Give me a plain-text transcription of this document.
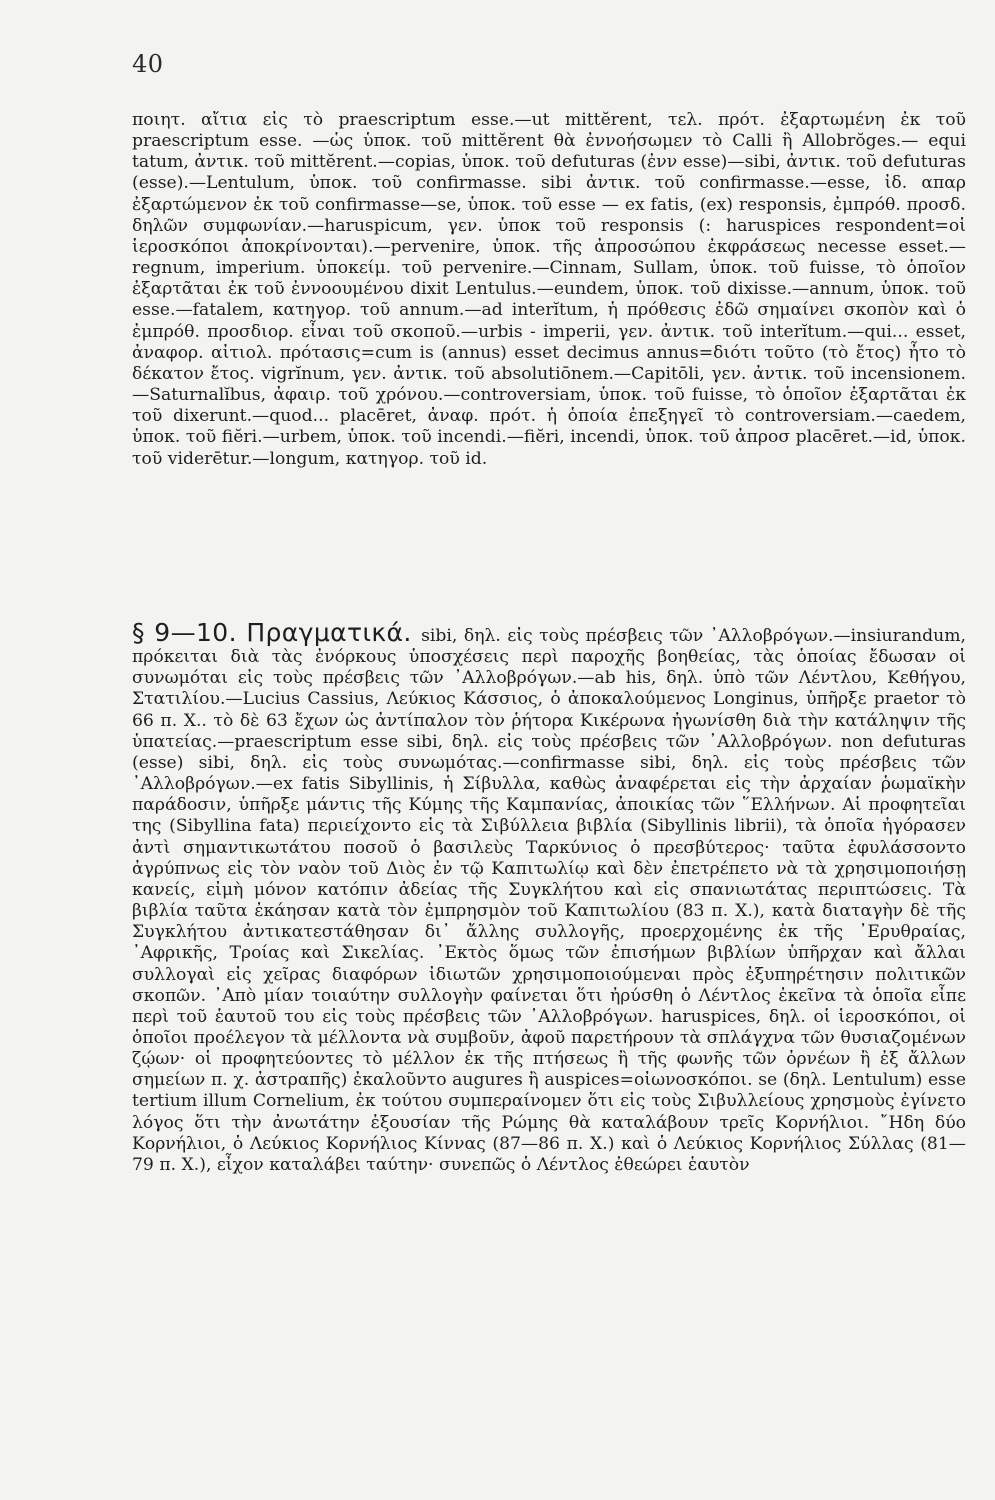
40
ποιητ. αἴτια εἰς τὸ praescriptum esse.—ut mittĕrent, τελ. πρότ. ἐξαρτωμένη ἐκ τοῦ praescriptum esse. —ὡς ὑποκ. τοῦ mittĕrent θὰ ἐννοήσωμεν τὸ Calli ἢ Allobrŏges.— equi tatum, ἀντικ. τοῦ mittĕrent.—copias, ὑποκ. τοῦ defuturas (ἐνν esse)—sibi, ἀντικ. τοῦ defuturas (esse).—Lentulum, ὑποκ. τοῦ confirmasse. sibi ἀντικ. τοῦ confirmasse.—esse, ἰδ. απαρ ἐξαρτώμενον ἐκ τοῦ confirmasse—se, ὑποκ. τοῦ esse — ex fatis, (ex) responsis, ἐμπρόθ. προσδ. δηλῶν συμφωνίαν.—haruspicum, γεν. ὑποκ τοῦ responsis (: haruspices respondent=οἱ ἱεροσκόποι ἀποκρίνονται).—pervenire, ὑποκ. τῆς ἀπροσώπου ἐκφράσεως necesse esset.—regnum, imperium. ὑποκείμ. τοῦ pervenire.—Cinnam, Sullam, ὑποκ. τοῦ fuisse, τὸ ὁποῖον ἐξαρτᾶται ἐκ τοῦ ἐννοουμένου dixit Lentulus.—eundem, ὑποκ. τοῦ dixisse.—annum, ὑποκ. τοῦ esse.—fatalem, κατηγορ. τοῦ annum.—ad interĭtum, ἡ πρόθεσις ἐδῶ σημαίνει σκοπὸν καὶ ὁ ἐμπρόθ. προσδιορ. εἶναι τοῦ σκοποῦ.—urbis - imperii, γεν. ἀντικ. τοῦ interĭtum.—qui... esset, ἀναφορ. αἰτιολ. πρότασις=cum is (annus) esset decimus annus=διότι τοῦτο (τὸ ἔτος) ἦτο τὸ δέκατον ἔτος. vigrĭnum, γεν. ἀντικ. τοῦ absolutiōnem.—Capitōli, γεν. ἀντικ. τοῦ incensionem.—Saturnalĭbus, ἀφαιρ. τοῦ χρόνου.—controversiam, ὑποκ. τοῦ fuisse, τὸ ὁποῖον ἐξαρτᾶται ἐκ τοῦ dixerunt.—quod... placēret, ἀναφ. πρότ. ἡ ὁποία ἐπεξηγεῖ τὸ controversiam.—caedem, ὑποκ. τοῦ fiĕri.—urbem, ὑποκ. τοῦ incendi.—fiĕri, incendi, ὑποκ. τοῦ ἀπροσ placēret.—id, ὑποκ. τοῦ viderētur.—longum, κατηγορ. τοῦ id.
§ 9—10. Πραγματικά. sibi, δηλ. εἰς τοὺς πρέσβεις τῶν ᾿Αλλοβρόγων.—insiurandum, πρόκειται διὰ τὰς ἐνόρκους ὑποσχέσεις περὶ παροχῆς βοηθείας, τὰς ὁποίας ἔδωσαν οἱ συνωμόται εἰς τοὺς πρέσβεις τῶν ᾿Αλλοβρόγων.—ab his, δηλ. ὑπὸ τῶν Λέντλου, Κεθήγου, Στατιλίου.—Lucius Cassius, Λεύκιος Κάσσιος, ὁ ἀποκαλούμενος Longinus, ὑπῆρξε praetor τὸ 66 π. Χ.. τὸ δὲ 63 ἔχων ὡς ἀντίπαλον τὸν ῥήτορα Κικέρωνα ἠγωνίσθη διὰ τὴν κατάληψιν τῆς ὑπατείας.—praescriptum esse sibi, δηλ. εἰς τοὺς πρέσβεις τῶν ᾿Αλλοβρόγων. non defuturas (esse) sibi, δηλ. εἰς τοὺς συνωμότας.—confirmasse sibi, δηλ. εἰς τοὺς πρέσβεις τῶν ᾿Αλλοβρόγων.—ex fatis Sibyllinis, ἡ Σίβυλλα, καθὼς ἀναφέρεται εἰς τὴν ἀρχαίαν ῥωμαϊκὴν παράδοσιν, ὑπῆρξε μάντις τῆς Κύμης τῆς Καμπανίας, ἀποικίας τῶν ῞Ελλήνων. Αἱ προφητεῖαι της (Sibyllina fata) περιείχοντο εἰς τὰ Σιβύλλεια βιβλία (Sibyllinis librii), τὰ ὁποῖα ἠγόρασεν ἀντὶ σημαντικωτάτου ποσοῦ ὁ βασιλεὺς Ταρκύνιος ὁ πρεσβύτερος· ταῦτα ἐφυλάσσοντο ἀγρύπνως εἰς τὸν ναὸν τοῦ Διὸς ἐν τῷ Καπιτωλίῳ καὶ δὲν ἐπετρέπετο νὰ τὰ χρησιμοποιήσῃ κανείς, εἰμὴ μόνον κατόπιν ἀδείας τῆς Συγκλήτου καὶ εἰς σπανιωτάτας περιπτώσεις. Τὰ βιβλία ταῦτα ἐκάησαν κατὰ τὸν ἐμπρησμὸν τοῦ Καπιτωλίου (83 π. Χ.), κατὰ διαταγὴν δὲ τῆς Συγκλήτου ἀντικατεστάθησαν δι᾿ ἄλλης συλλογῆς, προερχομένης ἐκ τῆς ᾿Ερυθραίας, ᾿Αφρικῆς, Τροίας καὶ Σικελίας. ᾿Εκτὸς ὅμως τῶν ἐπισήμων βιβλίων ὑπῆρχαν καὶ ἄλλαι συλλογαὶ εἰς χεῖρας διαφόρων ἰδιωτῶν χρησιμοποιούμεναι πρὸς ἐξυπηρέτησιν πολιτικῶν σκοπῶν. ᾿Απὸ μίαν τοιαύτην συλλογὴν φαίνεται ὅτι ἠρύσθη ὁ Λέντλος ἐκεῖνα τὰ ὁποῖα εἶπε περὶ τοῦ ἑαυτοῦ του εἰς τοὺς πρέσβεις τῶν ᾿Αλλοβρόγων. haruspices, δηλ. οἱ ἱεροσκόποι, οἱ ὁποῖοι προέλεγον τὰ μέλλοντα νὰ συμβοῦν, ἀφοῦ παρετήρουν τὰ σπλάγχνα τῶν θυσιαζομένων ζῴων· οἱ προφητεύοντες τὸ μέλλον ἐκ τῆς πτήσεως ἢ τῆς φωνῆς τῶν ὀρνέων ἢ ἐξ ἄλλων σημείων π. χ. ἀστραπῆς) ἐκαλοῦντο augures ἢ auspices=οἰωνοσκόποι. se (δηλ. Lentulum) esse tertium illum Cornelium, ἐκ τούτου συμπεραίνομεν ὅτι εἰς τοὺς Σιβυλλείους χρησμοὺς ἐγίνετο λόγος ὅτι τὴν ἀνωτάτην ἐξουσίαν τῆς Ρώμης θὰ καταλάβουν τρεῖς Κορνήλιοι. ῎Ηδη δύο Κορνήλιοι, ὁ Λεύκιος Κορνήλιος Κίννας (87—86 π. Χ.) καὶ ὁ Λεύκιος Κορνήλιος Σύλλας (81—79 π. Χ.), εἶχον καταλάβει ταύτην· συνεπῶς ὁ Λέντλος ἐθεώρει ἑαυτὸν
